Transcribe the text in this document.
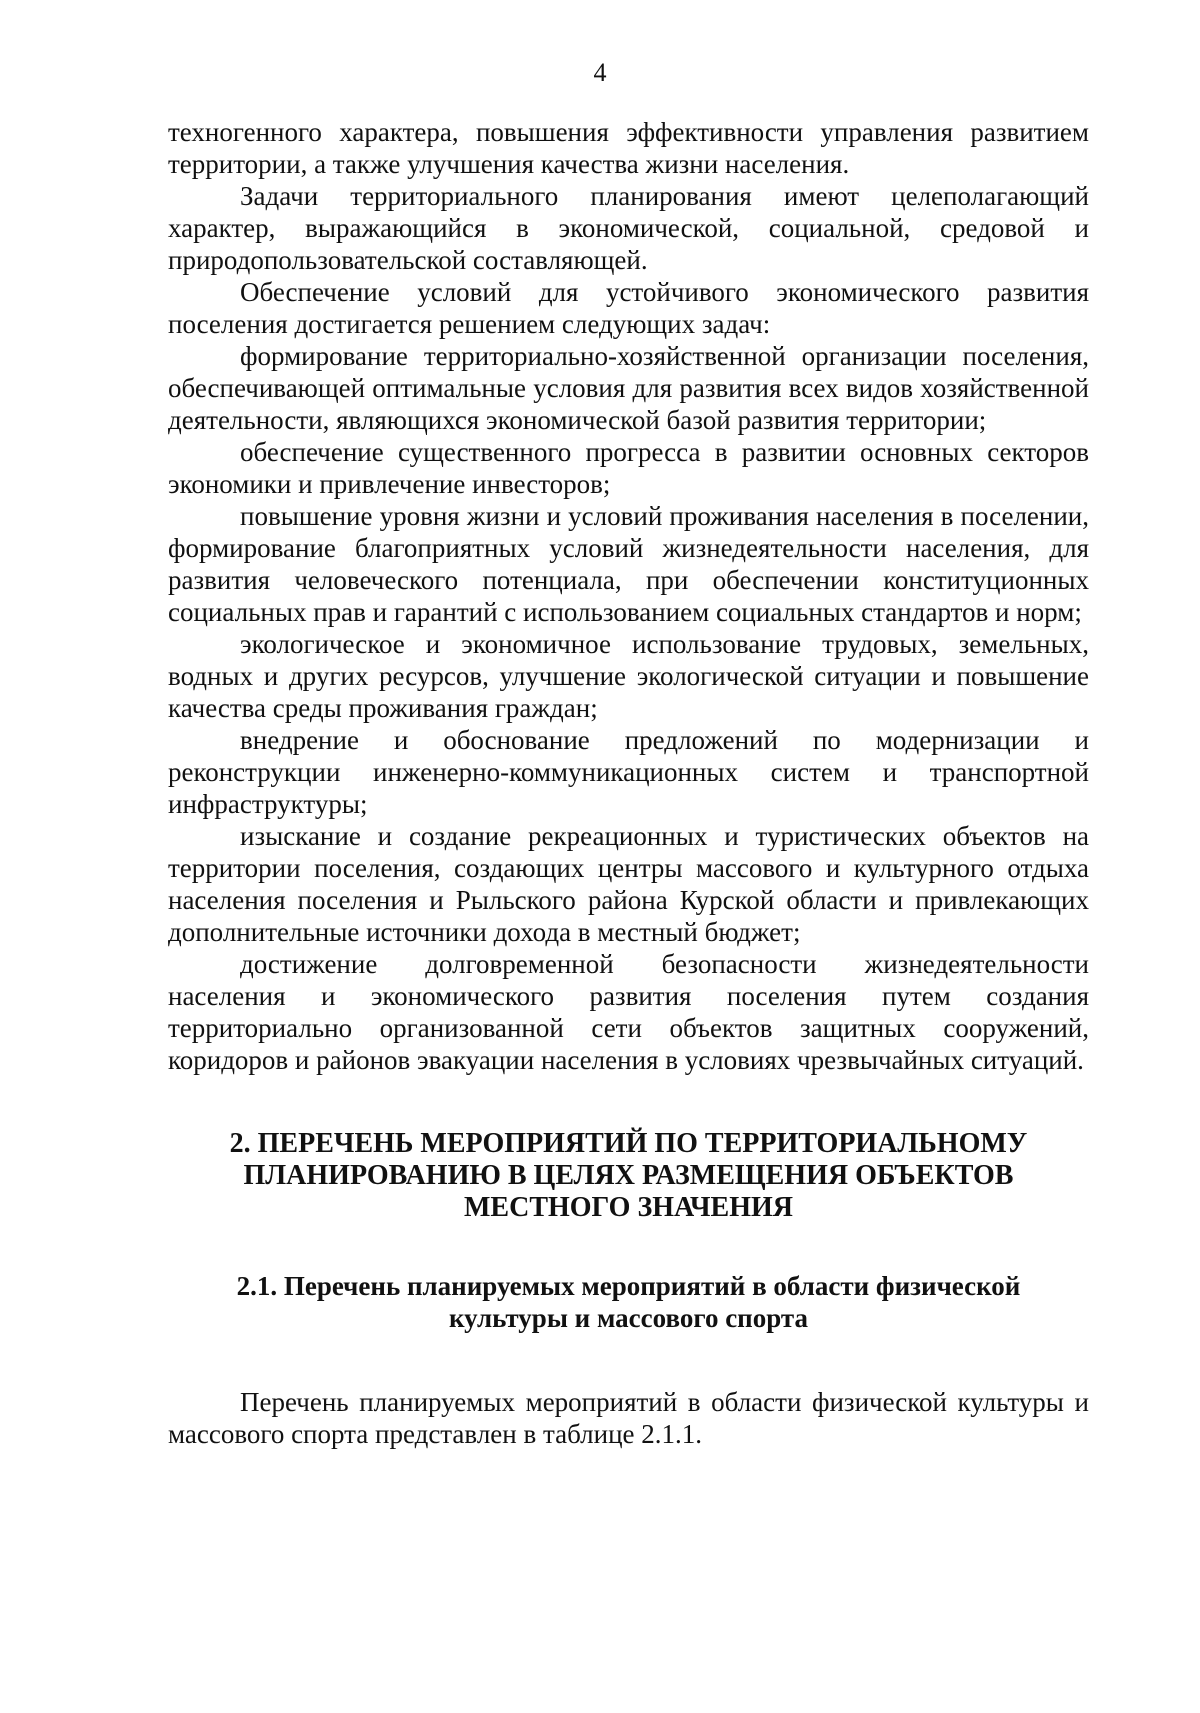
4

техногенного характера, повышения эффективности управления развитием территории, а также улучшения качества жизни населения.

Задачи территориального планирования имеют целеполагающий характер, выражающийся в экономической, социальной, средовой и природопользовательской составляющей.

Обеспечение условий для устойчивого экономического развития поселения достигается решением следующих задач:

формирование территориально-хозяйственной организации поселения, обеспечивающей оптимальные условия для развития всех видов хозяйственной деятельности, являющихся экономической базой развития территории;

обеспечение существенного прогресса в развитии основных секторов экономики и привлечение инвесторов;

повышение уровня жизни и условий проживания населения в поселении, формирование благоприятных условий жизнедеятельности населения, для развития человеческого потенциала, при обеспечении конституционных социальных прав и гарантий с использованием социальных стандартов и норм;

экологическое и экономичное использование трудовых, земельных, водных и других ресурсов, улучшение экологической ситуации и повышение качества среды проживания граждан;

внедрение и обоснование предложений по модернизации и реконструкции инженерно-коммуникационных систем и транспортной инфраструктуры;

изыскание и создание рекреационных и туристических объектов на территории поселения, создающих центры массового и культурного отдыха населения поселения и Рыльского района Курской области и привлекающих дополнительные источники дохода в местный бюджет;

достижение долговременной безопасности жизнедеятельности населения и экономического развития поселения путем создания территориально организованной сети объектов защитных сооружений, коридоров и районов эвакуации населения в условиях чрезвычайных ситуаций.

2. ПЕРЕЧЕНЬ МЕРОПРИЯТИЙ ПО ТЕРРИТОРИАЛЬНОМУ
ПЛАНИРОВАНИЮ В ЦЕЛЯХ РАЗМЕЩЕНИЯ ОБЪЕКТОВ
МЕСТНОГО ЗНАЧЕНИЯ
2.1. Перечень планируемых мероприятий в области физической
культуры и массового спорта

Перечень планируемых мероприятий в области физической культуры и массового спорта представлен в таблице 2.1.1.
